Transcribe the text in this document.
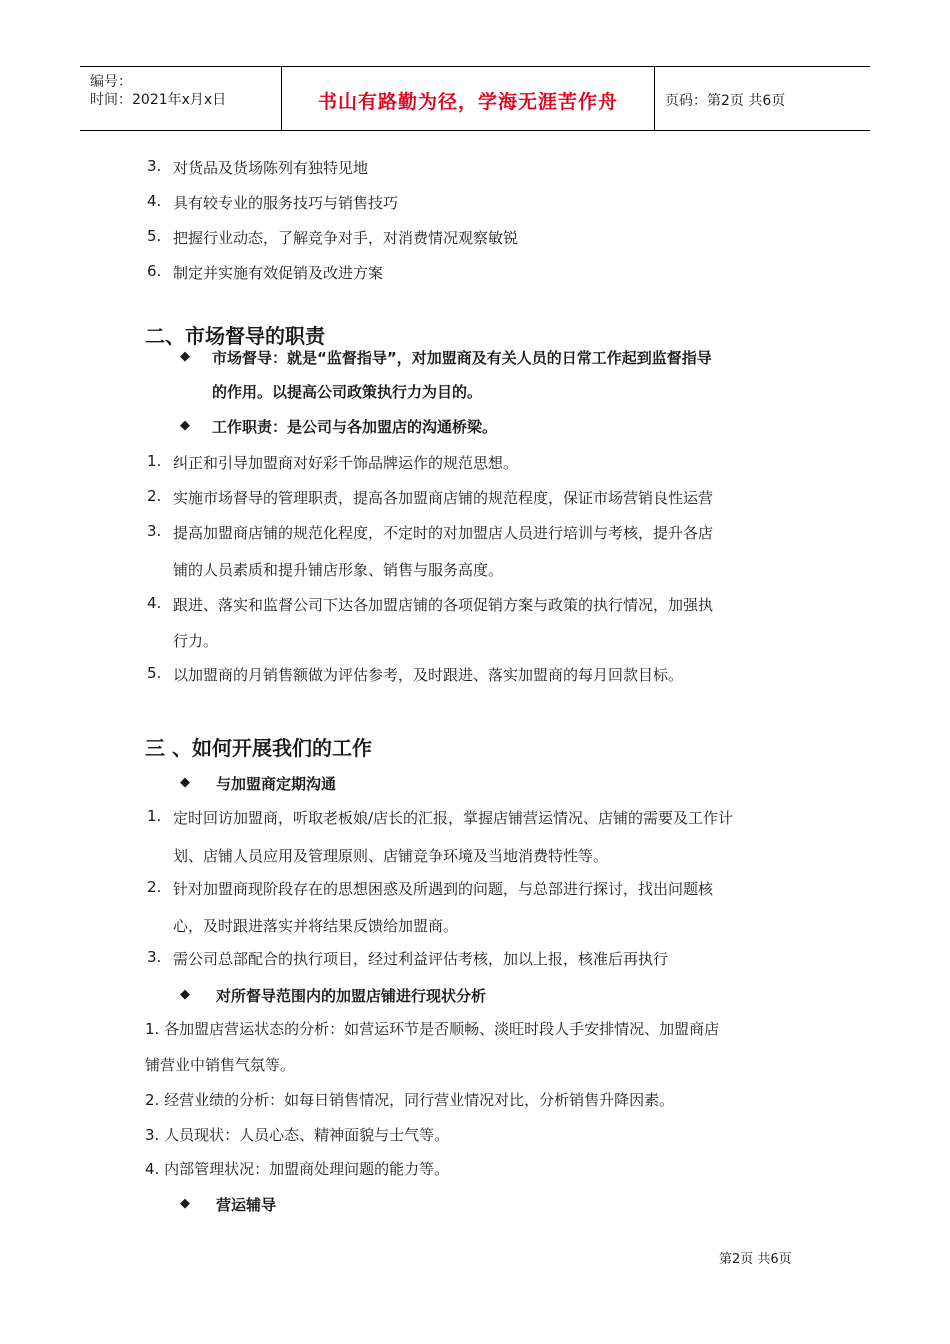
编号：
时间：2021年x月x日	书山有路勤为径，学海无涯苦作舟	页码：第2页 共6页
3. 对货品及货场陈列有独特见地
4. 具有较专业的服务技巧与销售技巧
5. 把握行业动态，了解竞争对手，对消费情况观察敏锐
6. 制定并实施有效促销及改进方案
二、市场督导的职责
◆ 市场督导：就是“监督指导”，对加盟商及有关人员的日常工作起到监督指导
的作用。以提高公司政策执行力为目的。
◆ 工作职责：是公司与各加盟店的沟通桥梁。
1. 纠正和引导加盟商对好彩千饰品牌运作的规范思想。
2. 实施市场督导的管理职责，提高各加盟商店铺的规范程度，保证市场营销良性运营
3. 提高加盟商店铺的规范化程度，不定时的对加盟店人员进行培训与考核，提升各店
铺的人员素质和提升铺店形象、销售与服务高度。
4. 跟进、落实和监督公司下达各加盟店铺的各项促销方案与政策的执行情况，加强执
行力。
5. 以加盟商的月销售额做为评估参考，及时跟进、落实加盟商的每月回款目标。
三 、如何开展我们的工作
◆ 与加盟商定期沟通
1. 定时回访加盟商，听取老板娘/店长的汇报，掌握店铺营运情况、店铺的需要及工作计
划、店铺人员应用及管理原则、店铺竞争环境及当地消费特性等。
2. 针对加盟商现阶段存在的思想困惑及所遇到的问题，与总部进行探讨，找出问题核
心，及时跟进落实并将结果反馈给加盟商。
3. 需公司总部配合的执行项目，经过利益评估考核，加以上报，核准后再执行
◆ 对所督导范围内的加盟店铺进行现状分析
1. 各加盟店营运状态的分析：如营运环节是否顺畅、淡旺时段人手安排情况、加盟商店
铺营业中销售气氛等。
2. 经营业绩的分析：如每日销售情况，同行营业情况对比，分析销售升降因素。
3. 人员现状：人员心态、精神面貌与士气等。
4. 内部管理状况：加盟商处理问题的能力等。
◆ 营运辅导
第2页 共6页
